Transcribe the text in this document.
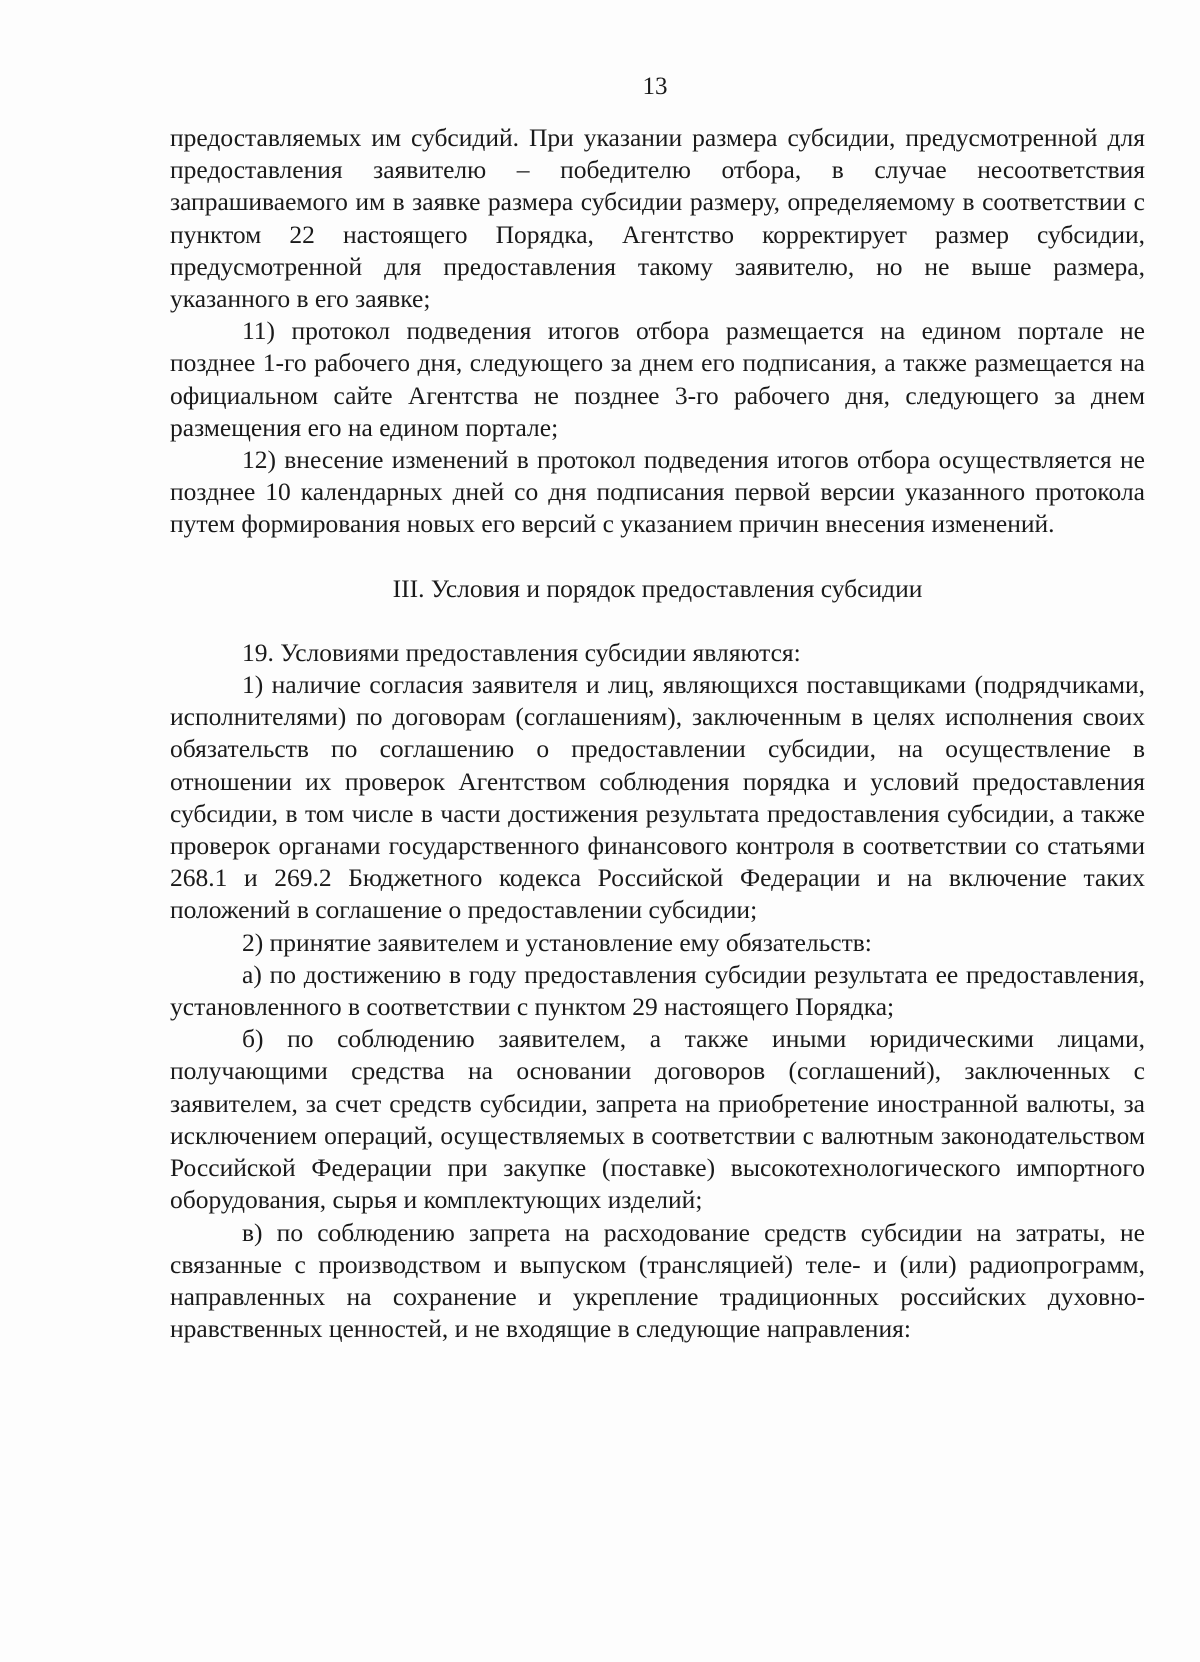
13

предоставляемых им субсидий. При указании размера субсидии, предусмотренной для предоставления заявителю – победителю отбора, в случае несоответствия запрашиваемого им в заявке размера субсидии размеру, определяемому в соответствии с пунктом 22 настоящего Порядка, Агентство корректирует размер субсидии, предусмотренной для предоставления такому заявителю, но не выше размера, указанного в его заявке;

11) протокол подведения итогов отбора размещается на едином портале не позднее 1-го рабочего дня, следующего за днем его подписания, а также размещается на официальном сайте Агентства не позднее 3-го рабочего дня, следующего за днем размещения его на едином портале;

12) внесение изменений в протокол подведения итогов отбора осуществляется не позднее 10 календарных дней со дня подписания первой версии указанного протокола путем формирования новых его версий с указанием причин внесения изменений.

III. Условия и порядок предоставления субсидии

19. Условиями предоставления субсидии являются:

1) наличие согласия заявителя и лиц, являющихся поставщиками (подрядчиками, исполнителями) по договорам (соглашениям), заключенным в целях исполнения своих обязательств по соглашению о предоставлении субсидии, на осуществление в отношении их проверок Агентством соблюдения порядка и условий предоставления субсидии, в том числе в части достижения результата предоставления субсидии, а также проверок органами государственного финансового контроля в соответствии со статьями 268.1 и 269.2 Бюджетного кодекса Российской Федерации и на включение таких положений в соглашение о предоставлении субсидии;

2) принятие заявителем и установление ему обязательств:

а) по достижению в году предоставления субсидии результата ее предоставления, установленного в соответствии с пунктом 29 настоящего Порядка;

б) по соблюдению заявителем, а также иными юридическими лицами, получающими средства на основании договоров (соглашений), заключенных с заявителем, за счет средств субсидии, запрета на приобретение иностранной валюты, за исключением операций, осуществляемых в соответствии с валютным законодательством Российской Федерации при закупке (поставке) высокотехнологического импортного оборудования, сырья и комплектующих изделий;

в) по соблюдению запрета на расходование средств субсидии на затраты, не связанные с производством и выпуском (трансляцией) теле- и (или) радиопрограмм, направленных на сохранение и укрепление традиционных российских духовно-нравственных ценностей, и не входящие в следующие направления:
